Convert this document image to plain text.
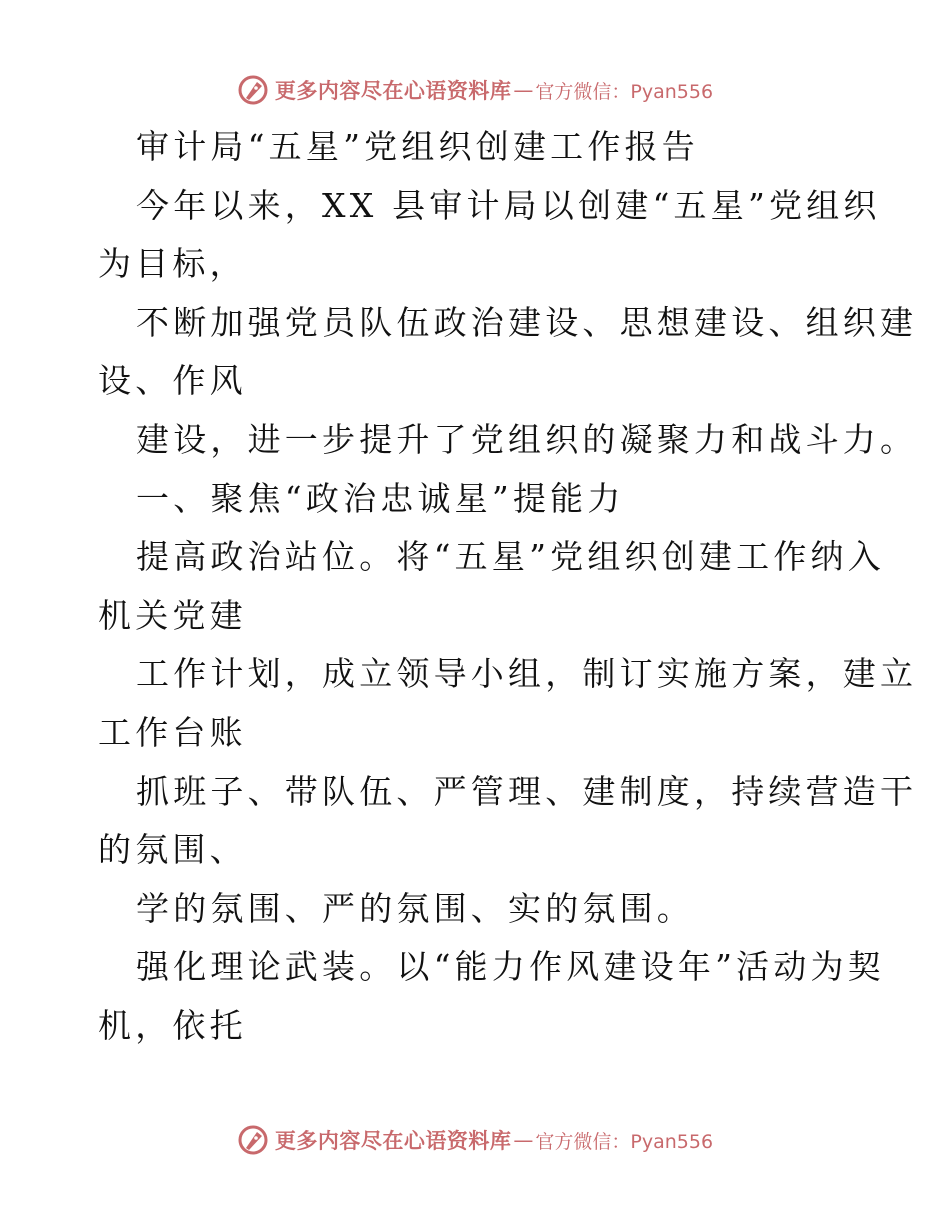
更多内容尽在心语资料库 — 官方微信：Pyan556
审计局“五星”党组织创建工作报告
今年以来，XX 县审计局以创建“五星”党组织
为目标，
不断加强党员队伍政治建设、思想建设、组织建
设、作风
建设，进一步提升了党组织的凝聚力和战斗力。
一、聚焦“政治忠诚星”提能力
提高政治站位。将“五星”党组织创建工作纳入
机关党建
工作计划，成立领导小组，制订实施方案，建立
工作台账
抓班子、带队伍、严管理、建制度，持续营造干
的氛围、
学的氛围、严的氛围、实的氛围。
强化理论武装。以“能力作风建设年”活动为契
机，依托
更多内容尽在心语资料库 — 官方微信：Pyan556
